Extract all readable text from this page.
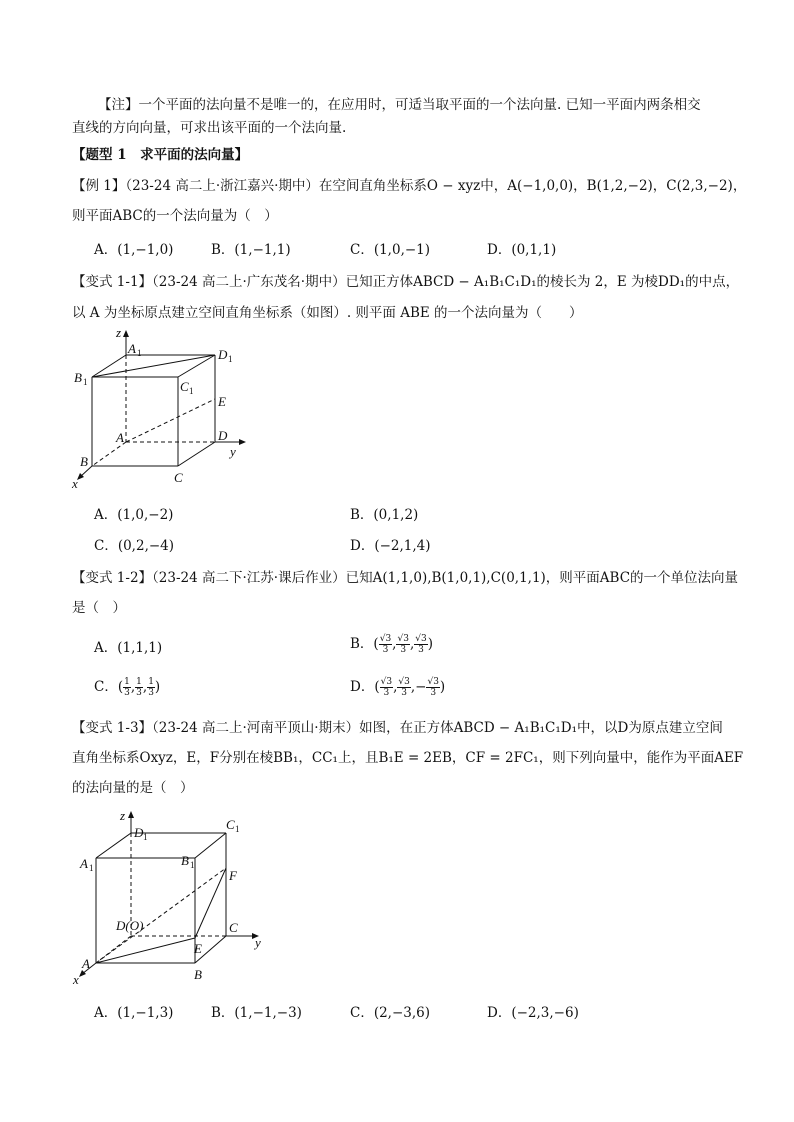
【注】一个平面的法向量不是唯一的，在应用时，可适当取平面的一个法向量. 已知一平面内两条相交
直线的方向向量，可求出该平面的一个法向量.
【题型 1　求平面的法向量】
【例 1】（23-24 高二上·浙江嘉兴·期中）在空间直角坐标系O − xyz中，A(−1,0,0)，B(1,2,−2)，C(2,3,−2)，
则平面ABC的一个法向量为（　）
A．(1,−1,0)	B．(1,−1,1)	C．(1,0,−1)	D．(0,1,1)
【变式 1-1】（23-24 高二上·广东茂名·期中）已知正方体ABCD − A₁B₁C₁D₁的棱长为 2，E 为棱DD₁的中点，
以 A 为坐标原点建立空间直角坐标系（如图）. 则平面 ABE 的一个法向量为（　　）
z
A 1	D 1
B 1	C 1
E
A	D
y
B
C
x
A．(1,0,−2)	B．(0,1,2)
C．(0,2,−4)	D．(−2,1,4)
【变式 1-2】（23-24 高二下·江苏·课后作业）已知A(1,1,0),B(1,0,1),C(0,1,1)，则平面ABC的一个单位法向量
是（　）
A．(1,1,1)	B．( $\frac{√3}{3}$ , $\frac{√3}{3}$ , $\frac{√3}{3}$ )
C．( $\frac{1}{3}$ , $\frac{1}{3}$ , $\frac{1}{3}$ )	D．( $\frac{√3}{3}$ , $\frac{√3}{3}$ ,− $\frac{√3}{3}$ )
【变式 1-3】（23-24 高二上·河南平顶山·期末）如图，在正方体ABCD − A₁B₁C₁D₁中，以D为原点建立空间
直角坐标系Oxyz，E，F分别在棱BB₁，CC₁上，且B₁E = 2EB，CF = 2FC₁，则下列向量中，能作为平面AEF
的法向量的是（　）
z
D 1
C 1
A 1	B 1
F
D(O)	C
E	y
A
B
x
A．(1,−1,3)	B．(1,−1,−3)	C．(2,−3,6)	D．(−2,3,−6)
